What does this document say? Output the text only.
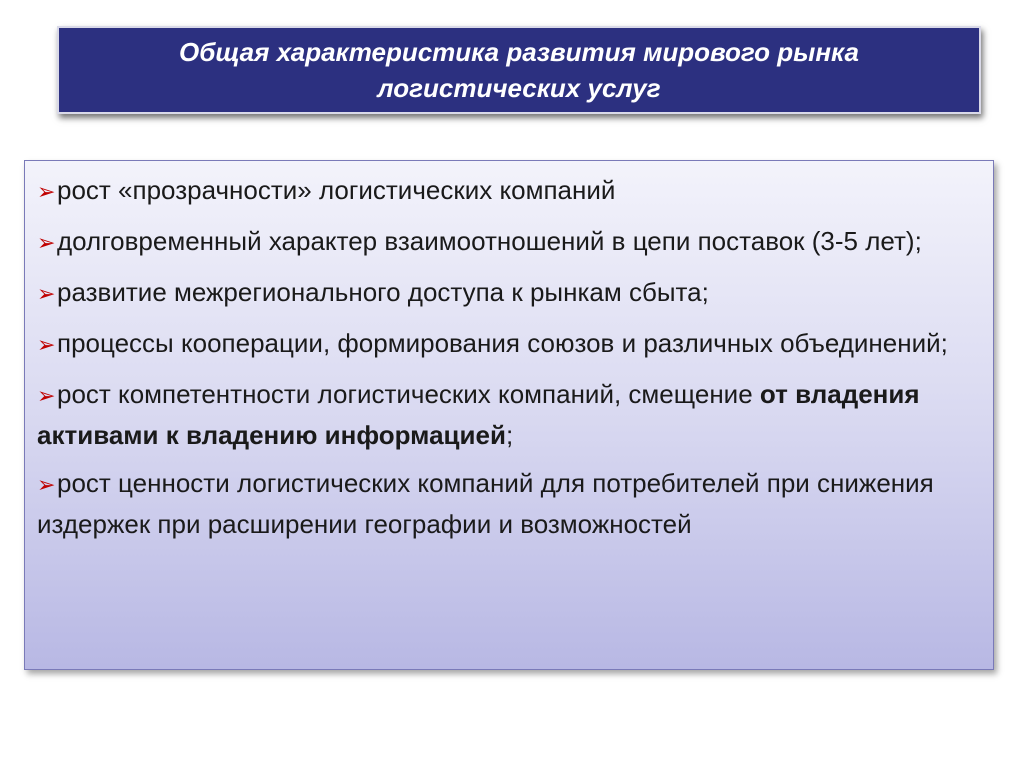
Общая характеристика развития мирового рынка
логистических услуг
➢рост «прозрачности» логистических компаний
➢долговременный характер взаимоотношений в цепи поставок (3-5 лет);
➢развитие межрегионального доступа к рынкам сбыта;
➢процессы кооперации, формирования союзов и различных объединений;
➢рост компетентности логистических компаний, смещение от владения активами к владению информацией;
➢рост ценности логистических компаний для потребителей при снижения издержек при расширении географии и возможностей
